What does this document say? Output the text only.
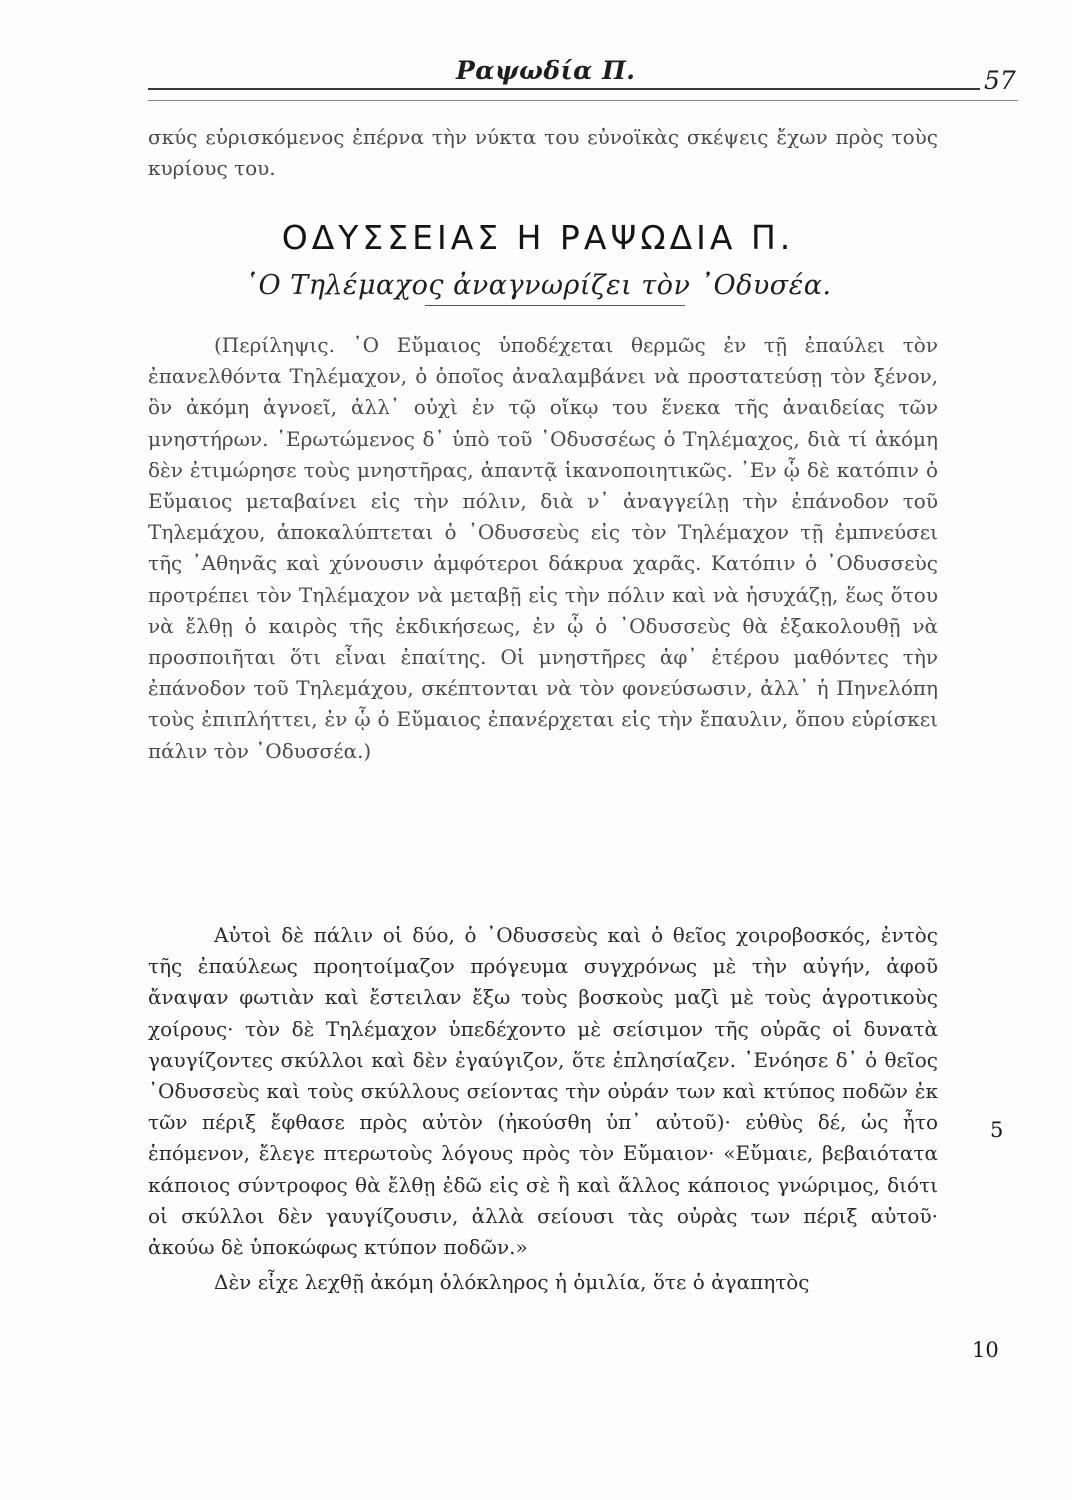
Ραψωδία Π.	57

σκύς εὑρισκόμενος ἐπέρνα τὴν νύκτα του εὐνοϊκὰς σκέψεις ἔχων πρὸς τοὺς κυρίους του.

ΟΔΥΣΣΕΙΑΣ Η ΡΑΨΩΔΙΑ Π.
῾Ο Τηλέμαχος ἀναγνωρίζει τὸν ᾿Οδυσέα.

(Περίληψις. ῾Ο Εὔμαιος ὑποδέχεται θερμῶς ἐν τῇ ἐπαύλει τὸν ἐπανελθόντα Τηλέμαχον, ὁ ὁποῖος ἀναλαμβάνει νὰ προστατεύσῃ τὸν ξένον, ὃν ἀκόμη ἀγνοεῖ, ἀλλ᾿ οὐχὶ ἐν τῷ οἴκῳ του ἕνεκα τῆς ἀναιδείας τῶν μνηστήρων. ᾿Ερωτώμενος δ᾿ ὑπὸ τοῦ ᾿Οδυσσέως ὁ Τηλέμαχος, διὰ τί ἀκόμη δὲν ἐτιμώρησε τοὺς μνηστῆρας, ἀπαντᾷ ἱκανοποιητικῶς. ᾿Εν ᾧ δὲ κατόπιν ὁ Εὔμαιος μεταβαίνει εἰς τὴν πόλιν, διὰ ν᾿ ἀναγγείλῃ τὴν ἐπάνοδον τοῦ Τηλεμάχου, ἀποκαλύπτεται ὁ ᾿Οδυσσεὺς εἰς τὸν Τηλέμαχον τῇ ἐμπνεύσει τῆς ᾿Αθηνᾶς καὶ χύνουσιν ἀμφότεροι δάκρυα χαρᾶς. Κατόπιν ὁ ᾿Οδυσσεὺς προτρέπει τὸν Τηλέμαχον νὰ μεταβῇ εἰς τὴν πόλιν καὶ νὰ ἡσυχάζῃ, ἕως ὅτου νὰ ἔλθῃ ὁ καιρὸς τῆς ἐκδικήσεως, ἐν ᾧ ὁ ᾿Οδυσσεὺς θὰ ἐξακολουθῇ νὰ προσποιῆται ὅτι εἶναι ἐπαίτης. Οἱ μνηστῆρες ἀφ᾿ ἑτέρου μαθόντες τὴν ἐπάνοδον τοῦ Τηλεμάχου, σκέπτονται νὰ τὸν φονεύσωσιν, ἀλλ᾿ ἡ Πηνελόπη τοὺς ἐπιπλήττει, ἐν ᾧ ὁ Εὔμαιος ἐπανέρχεται εἰς τὴν ἔπαυλιν, ὅπου εὑρίσκει πάλιν τὸν ᾿Οδυσσέα.)

Αὐτοὶ δὲ πάλιν οἱ δύο, ὁ ᾿Οδυσσεὺς καὶ ὁ θεῖος χοιροβοσκός, ἐντὸς τῆς ἐπαύλεως προητοίμαζον πρόγευμα συγχρόνως μὲ τὴν αὐγήν, ἀφοῦ ἄναψαν φωτιὰν καὶ ἔστειλαν ἔξω τοὺς βοσκοὺς μαζὶ μὲ τοὺς ἀγροτικοὺς χοίρους· τὸν δὲ Τηλέμαχον ὑπεδέχοντο μὲ σείσιμον τῆς οὐρᾶς οἱ δυνατὰ γαυγίζοντες σκύλλοι καὶ δὲν ἐγαύγιζον, ὅτε ἐπλησίαζεν. ᾿Ενόησε δ᾿ ὁ θεῖος ᾿Οδυσσεὺς καὶ τοὺς σκύλλους σείοντας τὴν οὐράν των καὶ κτύπος ποδῶν ἐκ τῶν πέριξ ἔφθασε πρὸς αὐτὸν (ἠκούσθη ὑπ᾿ αὐτοῦ)· εὐθὺς δέ, ὡς ἦτο ἑπόμενον, ἔλεγε πτερωτοὺς λόγους πρὸς τὸν Εὔμαιον· «Εὔμαιε, βεβαιότατα κάποιος σύντροφος θὰ ἔλθῃ ἐδῶ εἰς σὲ ἢ καὶ ἄλλος κάποιος γνώριμος, διότι οἱ σκύλλοι δὲν γαυγίζουσιν, ἀλλὰ σείουσι τὰς οὐρὰς των πέριξ αὐτοῦ· ἀκούω δὲ ὑποκώφως κτύπον ποδῶν.»

Δὲν εἶχε λεχθῇ ἀκόμη ὁλόκληρος ἡ ὁμιλία, ὅτε ὁ ἀγαπητὸς

5
10
